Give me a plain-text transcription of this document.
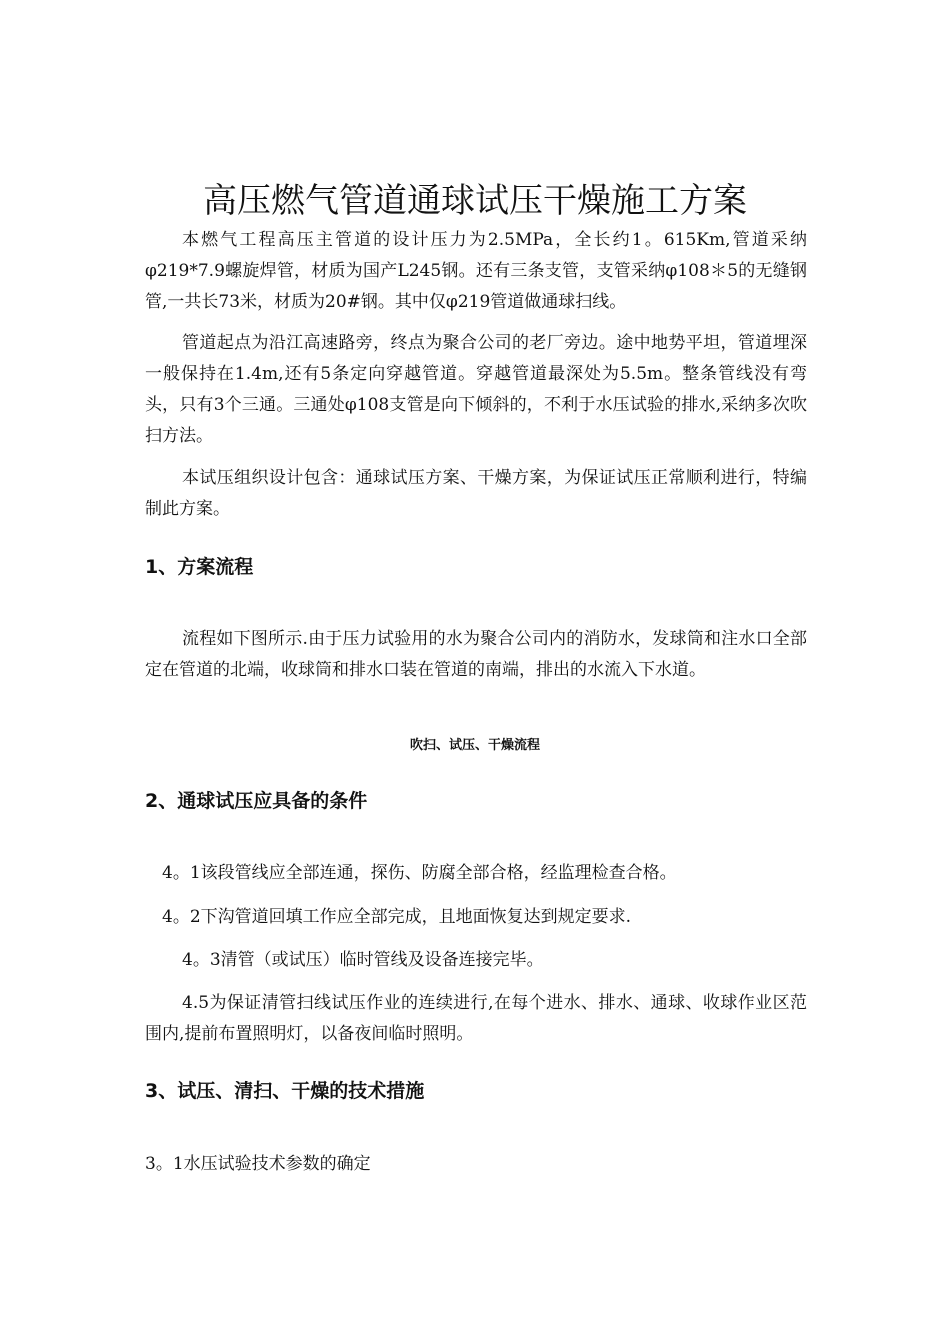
高压燃气管道通球试压干燥施工方案

本燃气工程高压主管道的设计压力为2.5MPa，全长约1。615Km,管道采纳φ219*7.9螺旋焊管，材质为国产L245钢。还有三条支管，支管采纳φ108＊5的无缝钢管,一共长73米，材质为20#钢。其中仅φ219管道做通球扫线。

管道起点为沿江高速路旁，终点为聚合公司的老厂旁边。途中地势平坦，管道埋深一般保持在1.4m,还有5条定向穿越管道。穿越管道最深处为5.5m。整条管线没有弯头，只有3个三通。三通处φ108支管是向下倾斜的，不利于水压试验的排水,采纳多次吹扫方法。

本试压组织设计包含：通球试压方案、干燥方案，为保证试压正常顺利进行，特编制此方案。

1、方案流程

流程如下图所示.由于压力试验用的水为聚合公司内的消防水，发球筒和注水口全部定在管道的北端，收球筒和排水口装在管道的南端，排出的水流入下水道。

吹扫、试压、干燥流程
2、通球试压应具备的条件

4。1该段管线应全部连通，探伤、防腐全部合格，经监理检查合格。

4。2下沟管道回填工作应全部完成，且地面恢复达到规定要求.

4。3清管（或试压）临时管线及设备连接完毕。

4.5为保证清管扫线试压作业的连续进行,在每个进水、排水、通球、收球作业区范围内,提前布置照明灯，以备夜间临时照明。

3、试压、清扫、干燥的技术措施

3。1水压试验技术参数的确定
